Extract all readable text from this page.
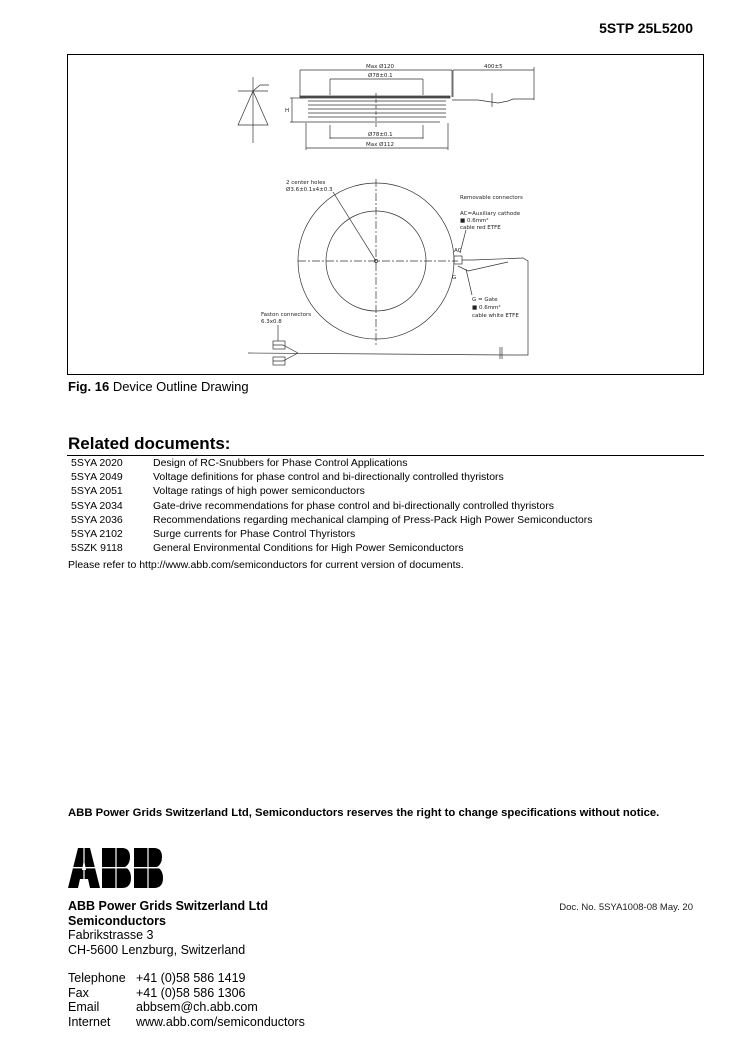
5STP 25L5200
Max Ø120
Ø78±0.1
Ø78±0.1
Max Ø112
400±5
H
2 center holes
Ø3.6±0.1x4±0.3
Removable connectors
AC=Auxiliary cathode
■ 0.6mm²
cable red ETFE
AC
G
G = Gate
■ 0.6mm²
cable white ETFE
Faston connectors
6.3x0.8
Fig. 16 Device Outline Drawing
Related documents:
5SYA 2020	Design of RC-Snubbers for Phase Control Applications
5SYA 2049	Voltage definitions for phase control and bi-directionally controlled thyristors
5SYA 2051	Voltage ratings of high power semiconductors
5SYA 2034	Gate-drive recommendations for phase control and bi-directionally controlled thyristors
5SYA 2036	Recommendations regarding mechanical clamping of Press-Pack High Power Semiconductors
5SYA 2102	Surge currents for Phase Control Thyristors
5SZK 9118	General Environmental Conditions for High Power Semiconductors
Please refer to http://www.abb.com/semiconductors for current version of documents.
ABB Power Grids Switzerland Ltd, Semiconductors reserves the right to change specifications without notice.
ABB Power Grids Switzerland Ltd
Semiconductors
Fabrikstrasse 3
CH-5600 Lenzburg, Switzerland
Doc. No. 5SYA1008-08 May. 20
Telephone	+41 (0)58 586 1419
Fax	+41 (0)58 586 1306
Email	abbsem@ch.abb.com
Internet	www.abb.com/semiconductors
